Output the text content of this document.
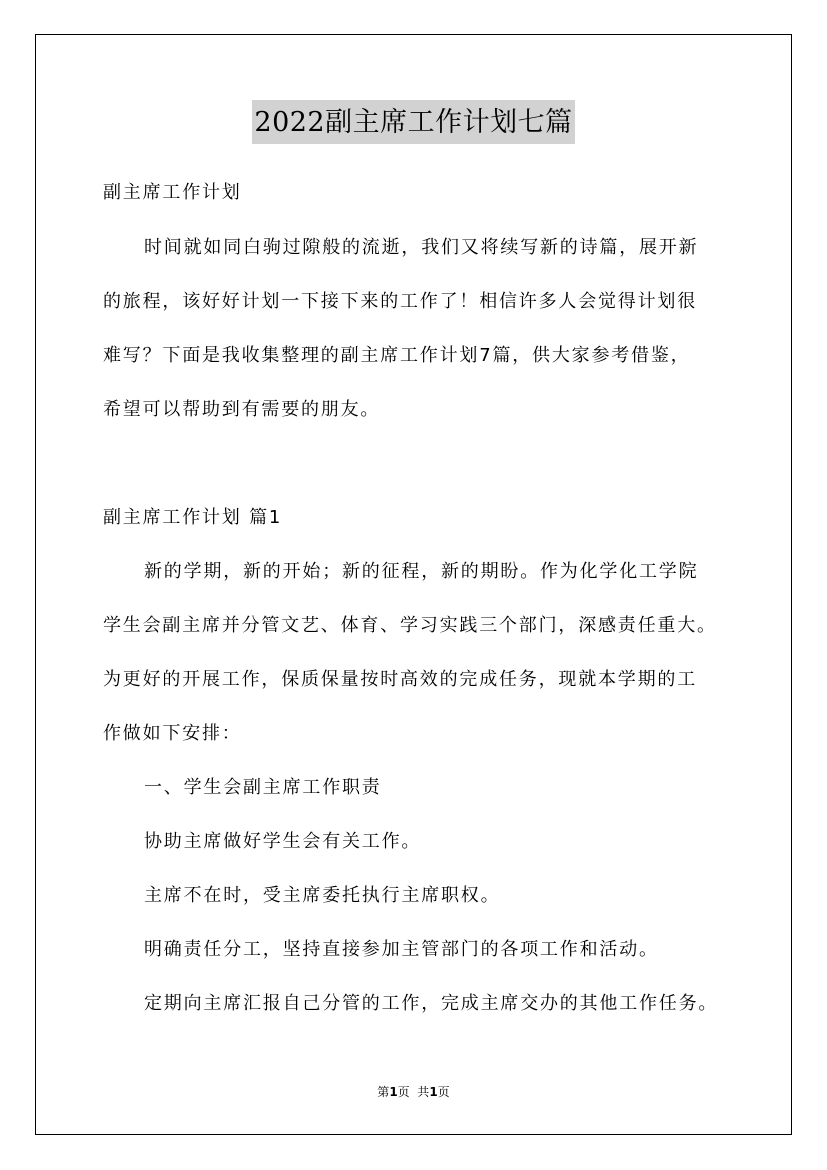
2022副主席工作计划七篇
副主席工作计划
时间就如同白驹过隙般的流逝，我们又将续写新的诗篇，展开新
的旅程，该好好计划一下接下来的工作了！相信许多人会觉得计划很
难写？下面是我收集整理的副主席工作计划7篇，供大家参考借鉴，
希望可以帮助到有需要的朋友。
副主席工作计划 篇1
新的学期，新的开始；新的征程，新的期盼。作为化学化工学院
学生会副主席并分管文艺、体育、学习实践三个部门，深感责任重大。
为更好的开展工作，保质保量按时高效的完成任务，现就本学期的工
作做如下安排：
一、学生会副主席工作职责
协助主席做好学生会有关工作。
主席不在时，受主席委托执行主席职权。
明确责任分工，坚持直接参加主管部门的各项工作和活动。
定期向主席汇报自己分管的工作，完成主席交办的其他工作任务。
第1页  共1页
